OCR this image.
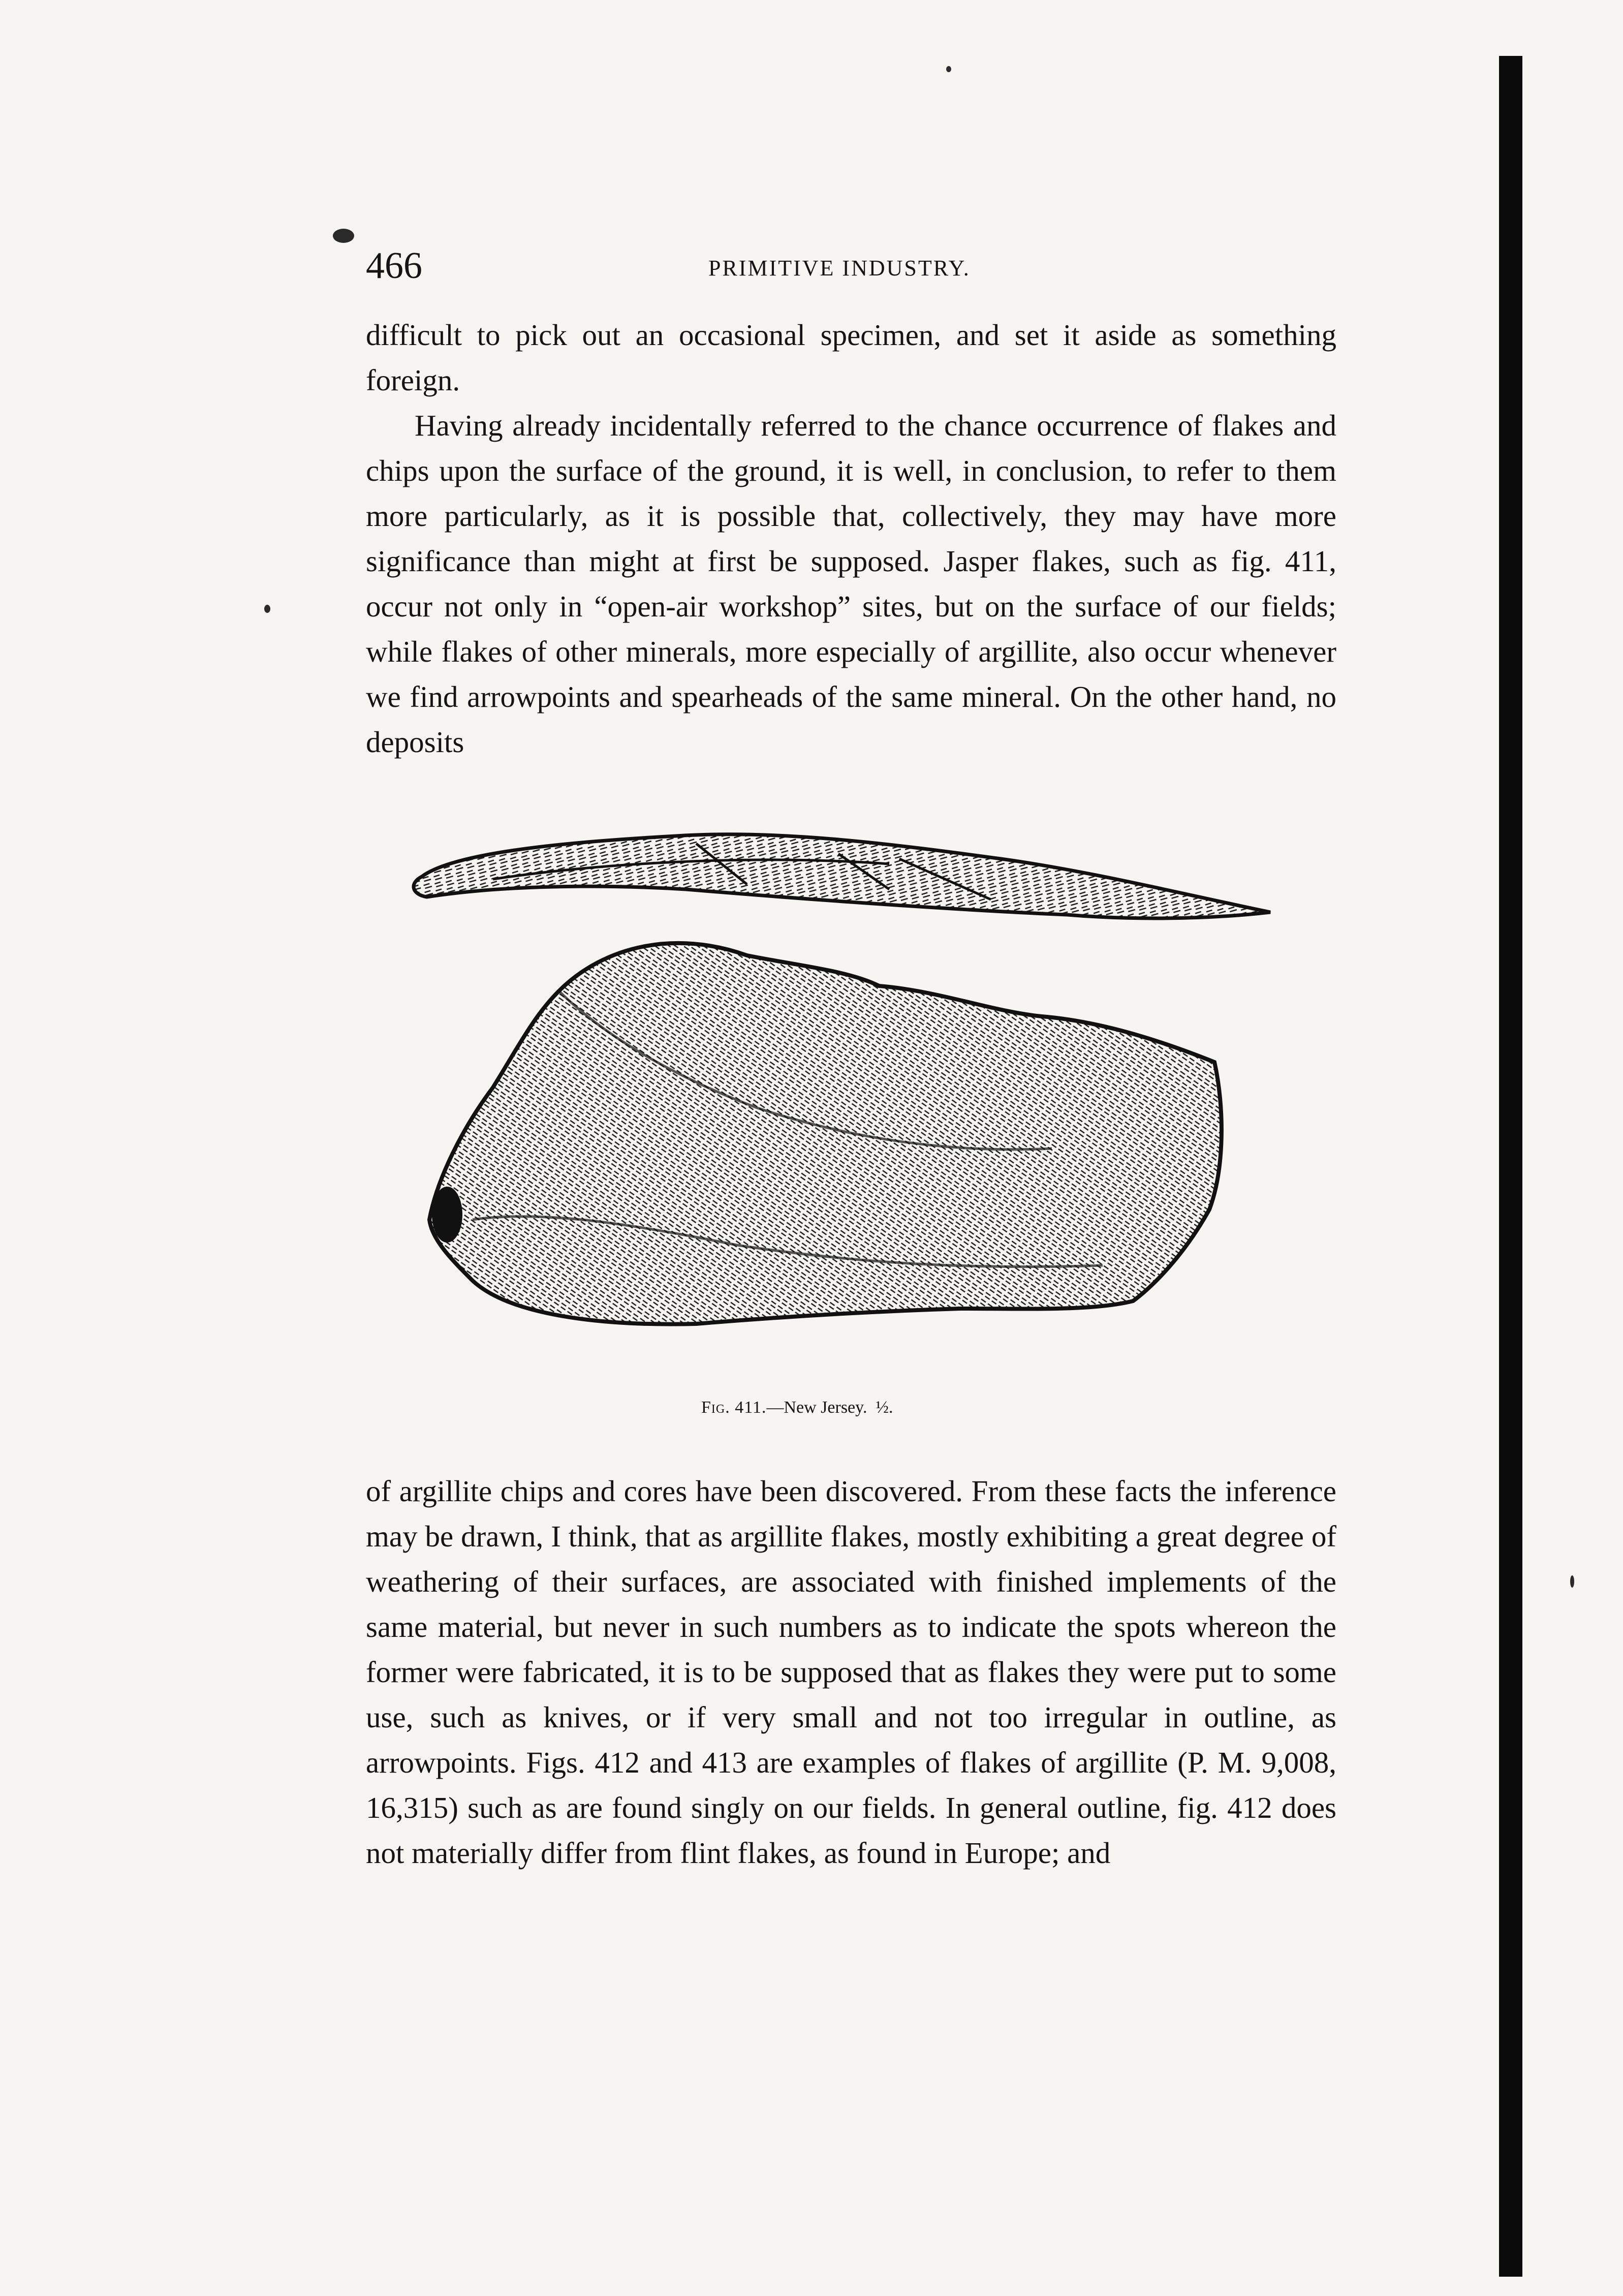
466	PRIMITIVE INDUSTRY.

difficult to pick out an occasional specimen, and set it aside as something foreign.

Having already incidentally referred to the chance occurrence of flakes and chips upon the surface of the ground, it is well, in conclusion, to refer to them more particularly, as it is possible that, collectively, they may have more significance than might at first be supposed. Jasper flakes, such as fig. 411, occur not only in “open-air workshop” sites, but on the surface of our fields; while flakes of other minerals, more especially of argillite, also occur whenever we find arrowpoints and spearheads of the same mineral. On the other hand, no deposits

Fig. 411.—New Jersey. ½.

of argillite chips and cores have been discovered. From these facts the inference may be drawn, I think, that as argillite flakes, mostly exhibiting a great degree of weathering of their surfaces, are associated with finished implements of the same material, but never in such numbers as to indicate the spots whereon the former were fabricated, it is to be supposed that as flakes they were put to some use, such as knives, or if very small and not too irregular in outline, as arrowpoints. Figs. 412 and 413 are examples of flakes of argillite (P. M. 9,008, 16,315) such as are found singly on our fields. In general outline, fig. 412 does not materially differ from flint flakes, as found in Europe; and
